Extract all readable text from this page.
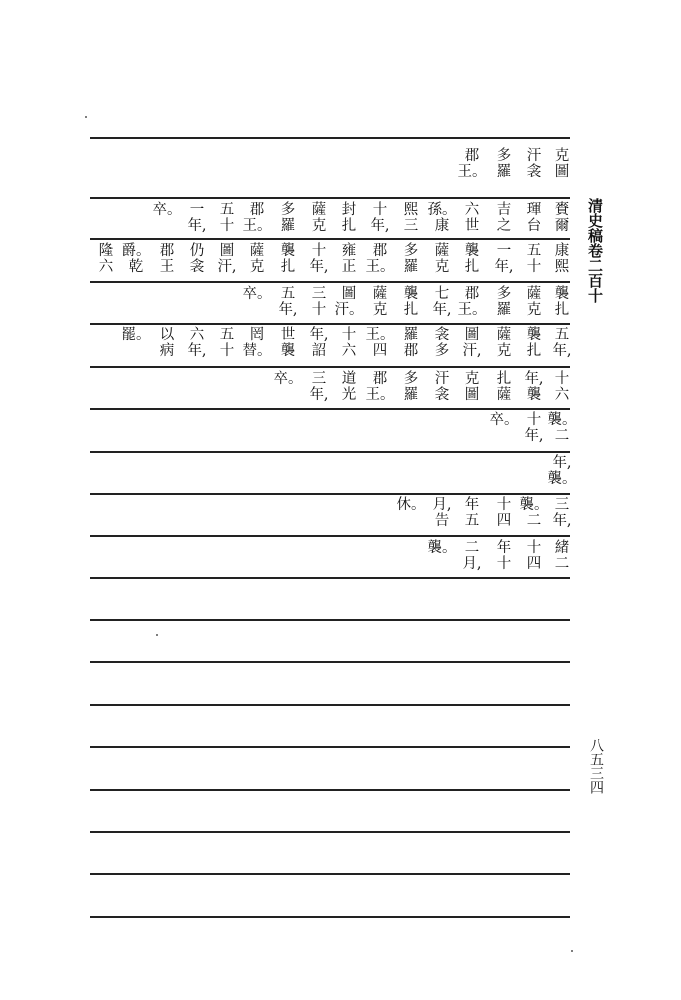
清史稿卷二百十
八五三四
克
圖
汗
衾
多
羅
郡
王。
賚
爾
琿
台
吉
之
六
世
孫。
康
熙
三
十
年,
封
扎
薩
克
多
羅
郡
王。
五
十
一
年,
卒。
康
熙
五
十
一
年,
襲
扎
薩
克
多
羅
郡
王。
雍
正
十
年,
襲
扎
薩
克
圖
汗,
仍
衾
郡
王
爵。
乾
隆
六
襲
扎
薩
克
多
羅
郡
王。
七
年,
襲
扎
薩
克
圖
汗。
三
十
五
年,
卒。
五
年,
襲
扎
薩
克
圖
汗,
衾
多
羅
郡
王。
四
十
六
年,
詔
世
襲
罔
替。
五
十
六
年,
以
病
罷。
十
六
年,
襲
扎
薩
克
圖
汗
衾
多
羅
郡
王。
道
光
三
年,
卒。
襲。
二
十
年,
卒。
年,
襲。
三
年,
襲。
二
十
四
年
五
月,
告
休。
緒
二
十
四
年
十
二
月,
襲。
